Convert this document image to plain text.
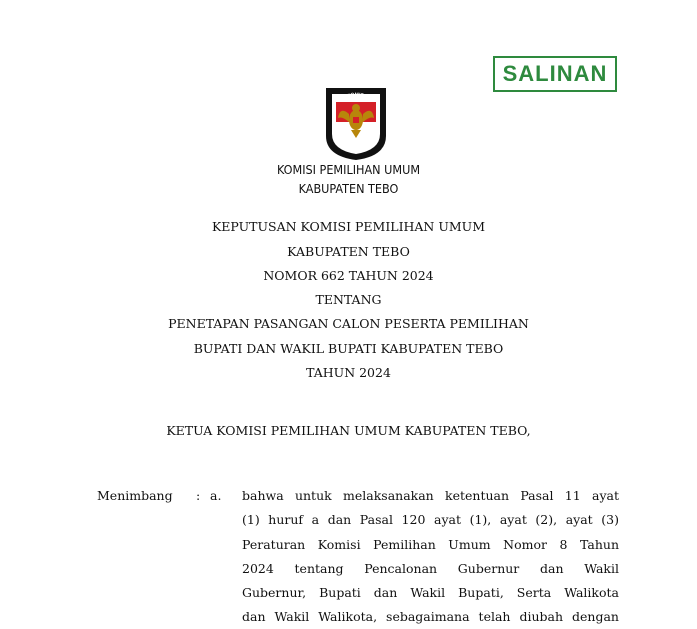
SALINAN
KOMISI
PEMILIHAN UMUM
KOMISI PEMILIHAN UMUM
KABUPATEN TEBO
KEPUTUSAN KOMISI PEMILIHAN UMUM
KABUPATEN TEBO
NOMOR 662 TAHUN 2024
TENTANG
PENETAPAN PASANGAN CALON PESERTA PEMILIHAN
BUPATI DAN WAKIL BUPATI KABUPATEN TEBO
TAHUN 2024
KETUA KOMISI PEMILIHAN UMUM KABUPATEN TEBO,
Menimbang : a. bahwa untuk melaksanakan ketentuan Pasal 11 ayat
(1) huruf a dan Pasal 120 ayat (1), ayat (2), ayat (3)
Peraturan Komisi Pemilihan Umum Nomor 8 Tahun
2024 tentang Pencalonan Gubernur dan Wakil
Gubernur, Bupati dan Wakil Bupati, Serta Walikota
dan Wakil Walikota, sebagaimana telah diubah dengan
